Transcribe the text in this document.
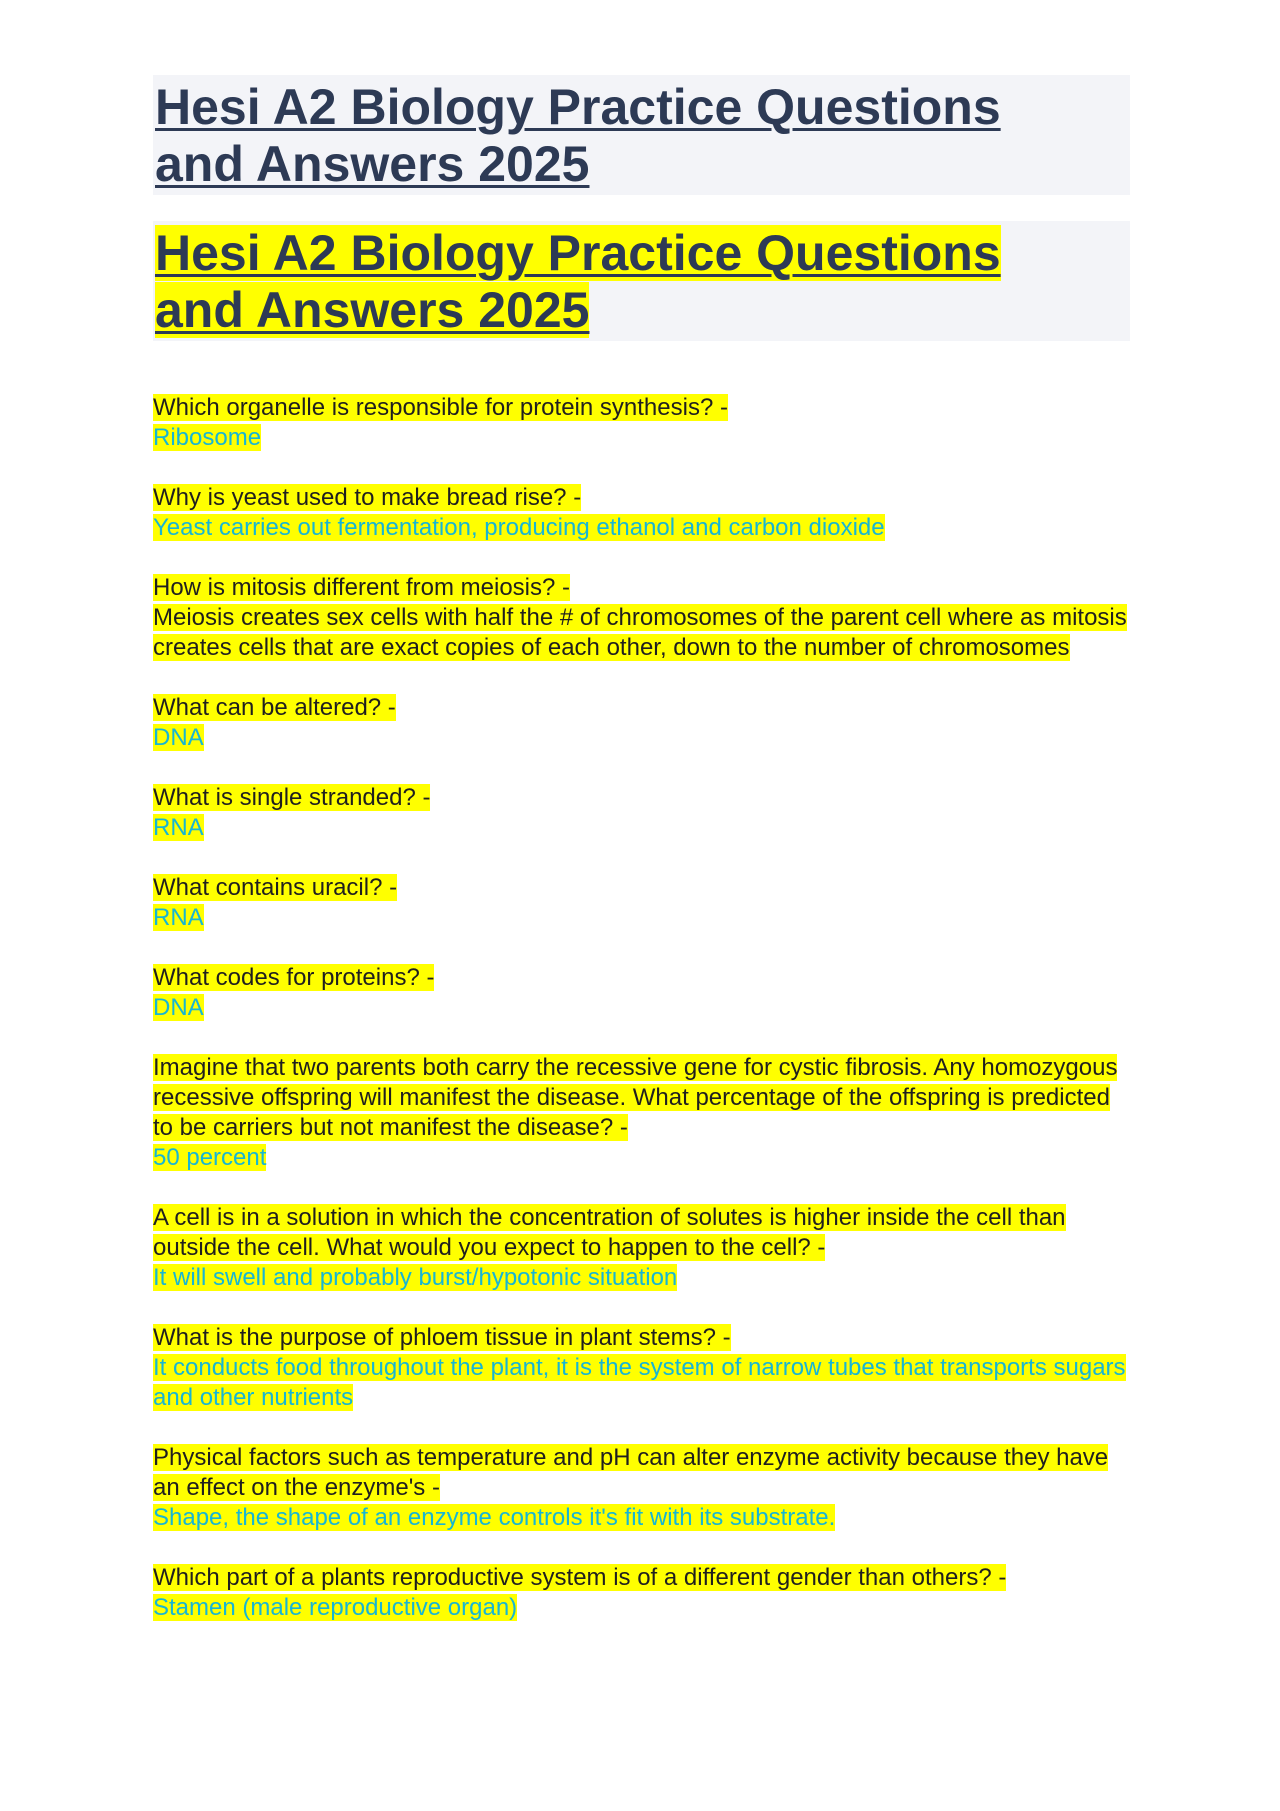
Hesi A2 Biology Practice Questions and Answers 2025
Hesi A2 Biology Practice Questions and Answers 2025
Which organelle is responsible for protein synthesis? -
Ribosome
Why is yeast used to make bread rise? -
Yeast carries out fermentation, producing ethanol and carbon dioxide
How is mitosis different from meiosis? -
Meiosis creates sex cells with half the # of chromosomes of the parent cell where as mitosis creates cells that are exact copies of each other, down to the number of chromosomes
What can be altered? -
DNA
What is single stranded? -
RNA
What contains uracil? -
RNA
What codes for proteins? -
DNA
Imagine that two parents both carry the recessive gene for cystic fibrosis. Any homozygous recessive offspring will manifest the disease. What percentage of the offspring is predicted to be carriers but not manifest the disease? -
50 percent
A cell is in a solution in which the concentration of solutes is higher inside the cell than outside the cell. What would you expect to happen to the cell? -
It will swell and probably burst/hypotonic situation
What is the purpose of phloem tissue in plant stems? -
It conducts food throughout the plant, it is the system of narrow tubes that transports sugars and other nutrients
Physical factors such as temperature and pH can alter enzyme activity because they have an effect on the enzyme's -
Shape, the shape of an enzyme controls it's fit with its substrate.
Which part of a plants reproductive system is of a different gender than others? -
Stamen (male reproductive organ)
